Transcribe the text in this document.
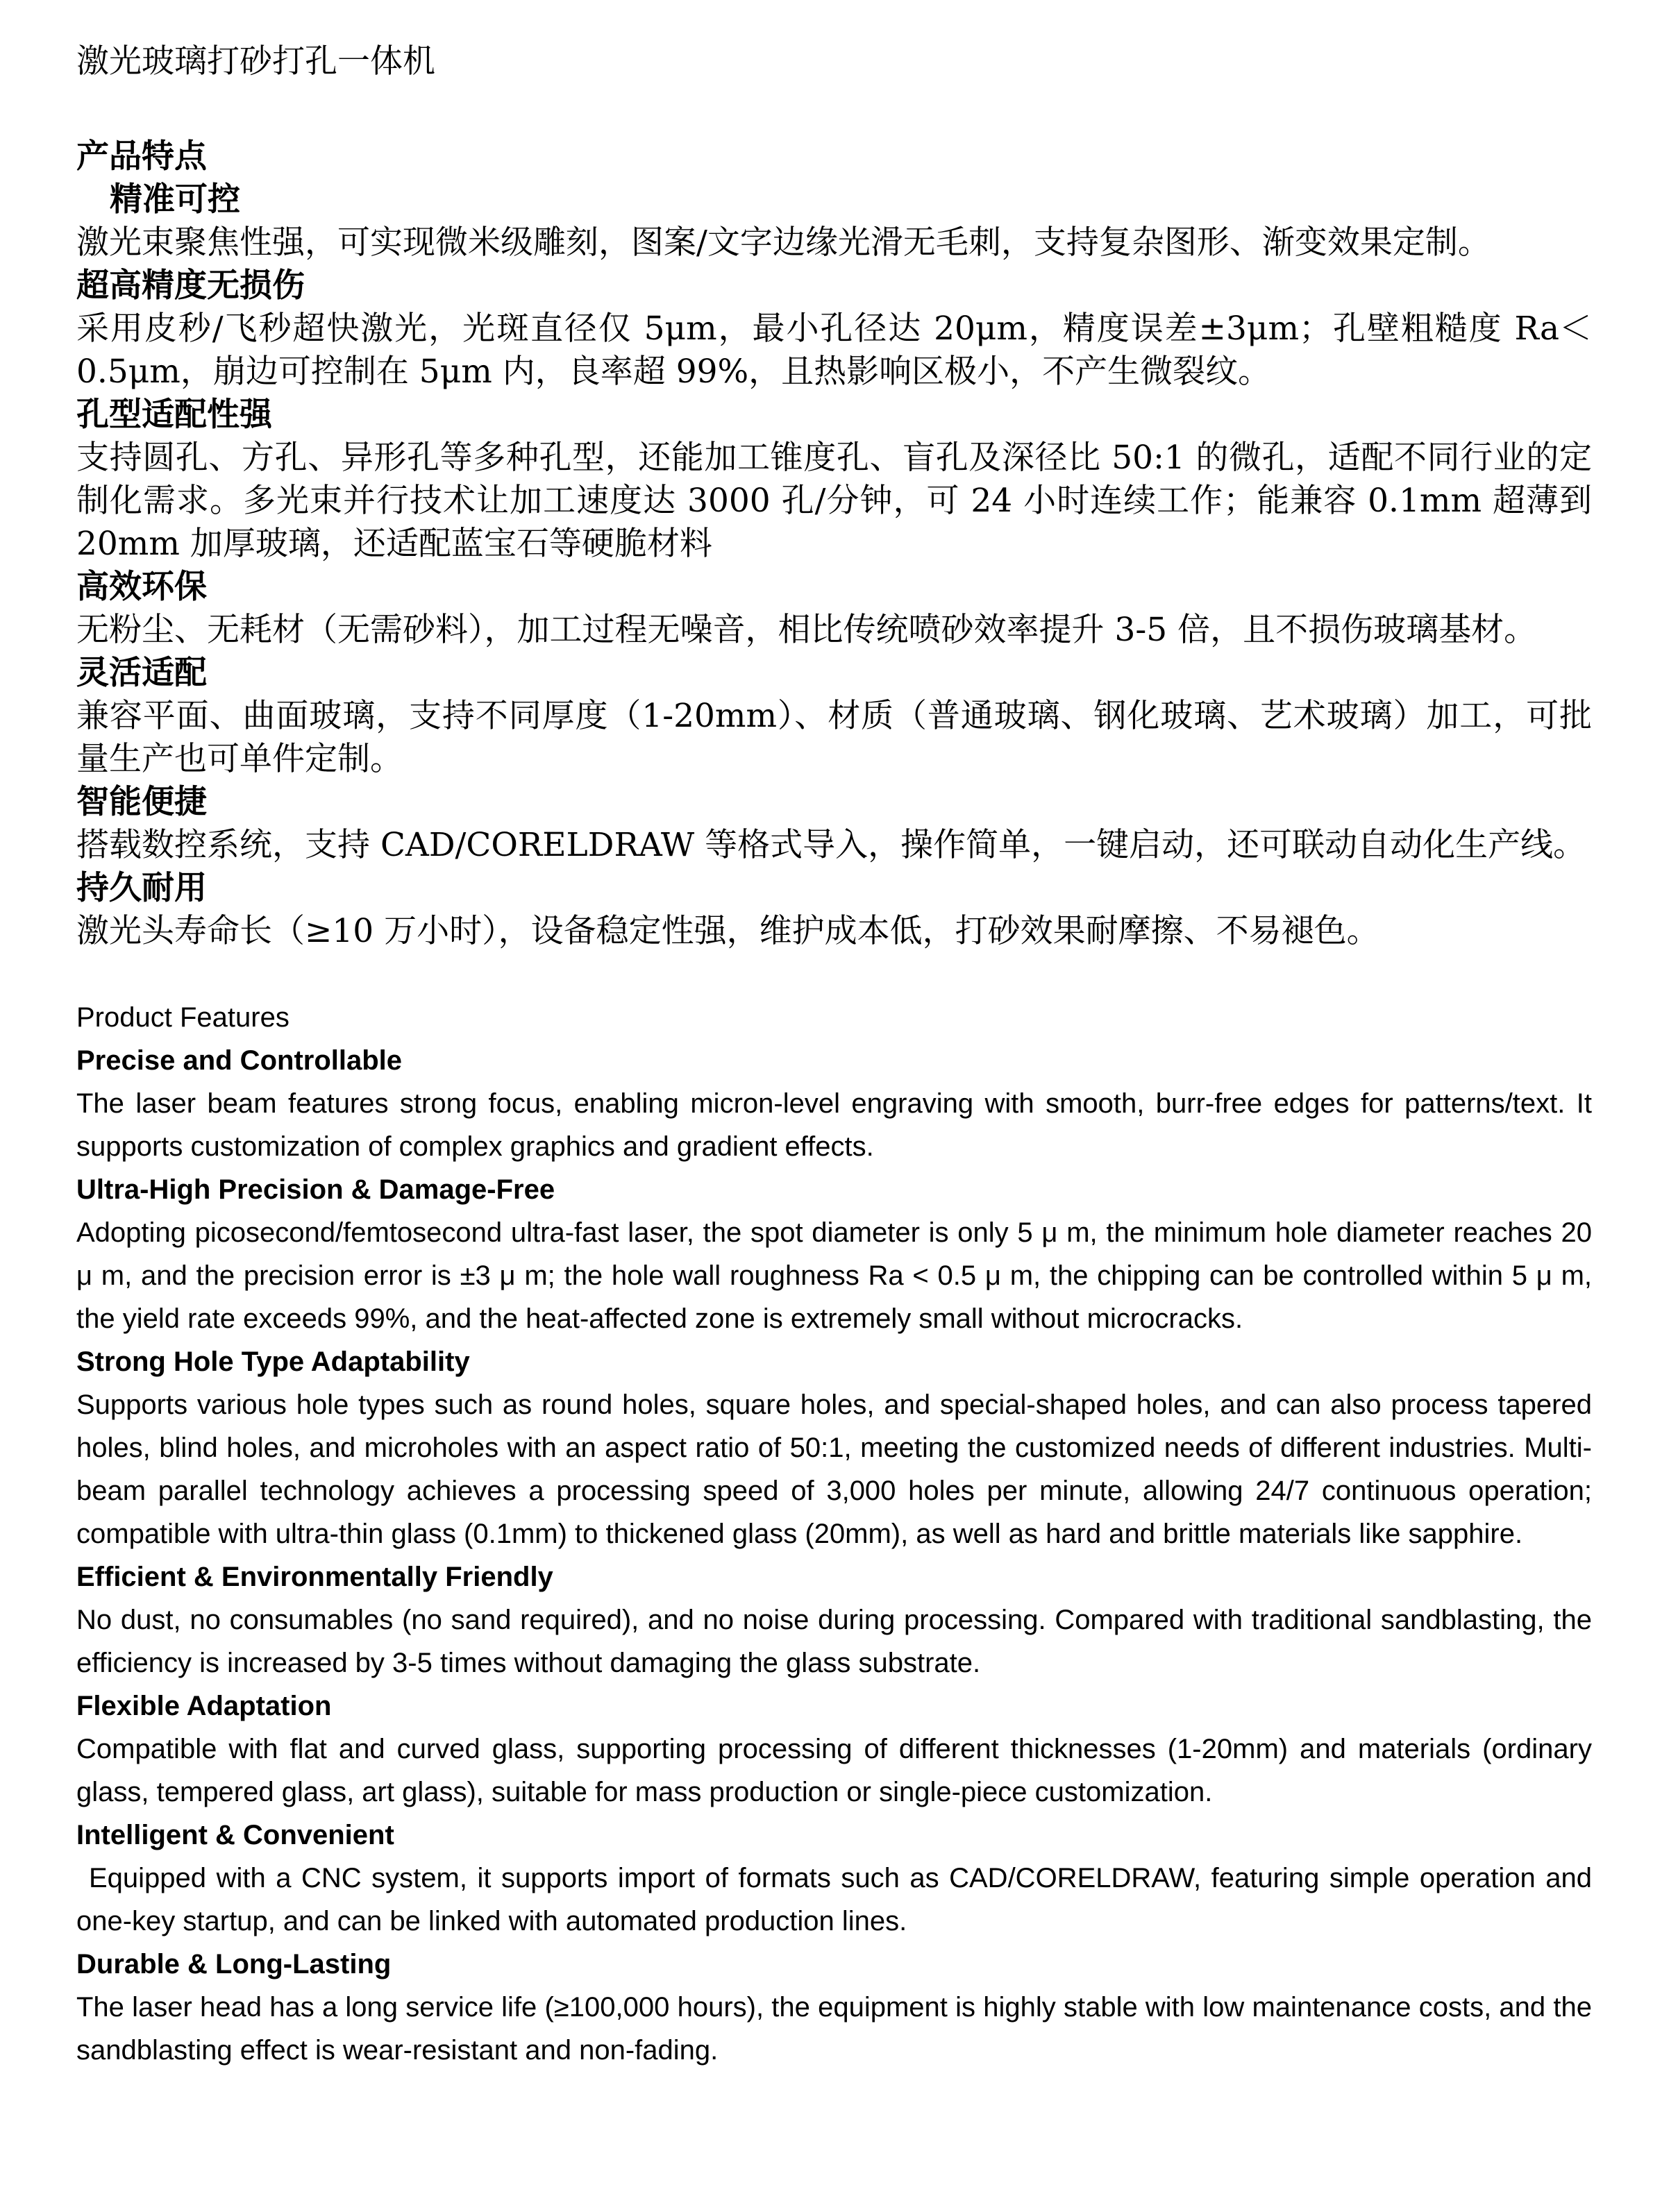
激光玻璃打砂打孔一体机
产品特点
精准可控

激光束聚焦性强，可实现微米级雕刻，图案/文字边缘光滑无毛刺，支持复杂图形、渐变效果定制。

超高精度无损伤

采用皮秒/飞秒超快激光，光斑直径仅 5μm，最小孔径达 20μm，精度误差±3μm；孔壁粗糙度 Ra＜0.5μm，崩边可控制在 5μm 内，良率超 99%，且热影响区极小，不产生微裂纹。

孔型适配性强

支持圆孔、方孔、异形孔等多种孔型，还能加工锥度孔、盲孔及深径比 50:1 的微孔，适配不同行业的定制化需求。多光束并行技术让加工速度达 3000 孔/分钟，可 24 小时连续工作；能兼容 0.1mm 超薄到 20mm 加厚玻璃，还适配蓝宝石等硬脆材料

高效环保

无粉尘、无耗材（无需砂料），加工过程无噪音，相比传统喷砂效率提升 3-5 倍，且不损伤玻璃基材。

灵活适配

兼容平面、曲面玻璃，支持不同厚度（1-20mm）、材质（普通玻璃、钢化玻璃、艺术玻璃）加工，可批量生产也可单件定制。

智能便捷

搭载数控系统，支持 CAD/CORELDRAW 等格式导入，操作简单，一键启动，还可联动自动化生产线。

持久耐用

激光头寿命长（≥10 万小时），设备稳定性强，维护成本低，打砂效果耐摩擦、不易褪色。

Product Features

Precise and Controllable

The laser beam features strong focus, enabling micron-level engraving with smooth, burr-free edges for patterns/text. It supports customization of complex graphics and gradient effects.

Ultra-High Precision & Damage-Free

Adopting picosecond/femtosecond ultra-fast laser, the spot diameter is only 5 μ m, the minimum hole diameter reaches 20 μ m, and the precision error is ±3 μ m; the hole wall roughness Ra < 0.5 μ m, the chipping can be controlled within 5 μ m, the yield rate exceeds 99%, and the heat-affected zone is extremely small without microcracks.

Strong Hole Type Adaptability

Supports various hole types such as round holes, square holes, and special-shaped holes, and can also process tapered holes, blind holes, and microholes with an aspect ratio of 50:1, meeting the customized needs of different industries. Multi-beam parallel technology achieves a processing speed of 3,000 holes per minute, allowing 24/7 continuous operation; compatible with ultra-thin glass (0.1mm) to thickened glass (20mm), as well as hard and brittle materials like sapphire.

Efficient & Environmentally Friendly

No dust, no consumables (no sand required), and no noise during processing. Compared with traditional sandblasting, the efficiency is increased by 3-5 times without damaging the glass substrate.

Flexible Adaptation

Compatible with flat and curved glass, supporting processing of different thicknesses (1-20mm) and materials (ordinary glass, tempered glass, art glass), suitable for mass production or single-piece customization.

Intelligent & Convenient

Equipped with a CNC system, it supports import of formats such as CAD/CORELDRAW, featuring simple operation and one-key startup, and can be linked with automated production lines.

Durable & Long-Lasting

The laser head has a long service life (≥100,000 hours), the equipment is highly stable with low maintenance costs, and the sandblasting effect is wear-resistant and non-fading.
